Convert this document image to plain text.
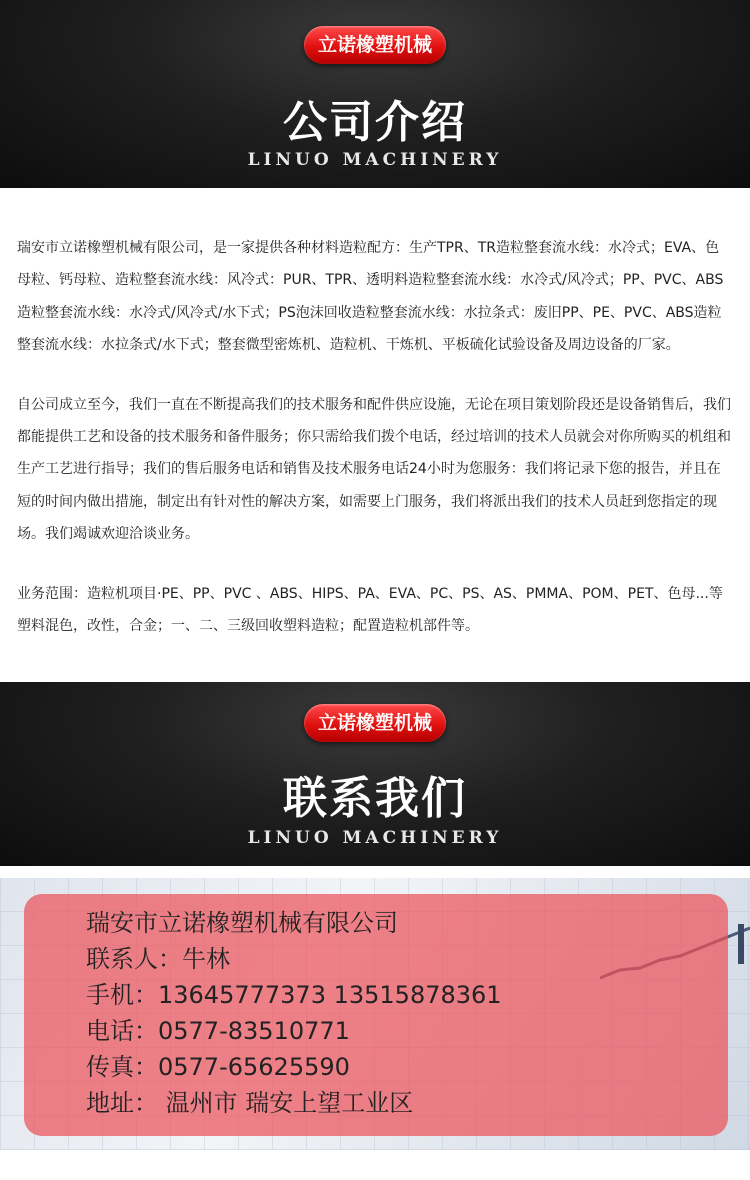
立诺橡塑机械
公司介绍
LINUO MACHINERY

瑞安市立诺橡塑机械有限公司，是一家提供各种材料造粒配方：生产TPR、TR造粒整套流水线：水冷式；EVA、色母粒、钙母粒、造粒整套流水线：风冷式：PUR、TPR、透明料造粒整套流水线：水冷式/风冷式；PP、PVC、ABS造粒整套流水线：水冷式/风冷式/水下式；PS泡沫回收造粒整套流水线：水拉条式：废旧PP、PE、PVC、ABS造粒整套流水线：水拉条式/水下式；整套微型密炼机、造粒机、干炼机、平板硫化试验设备及周边设备的厂家。

自公司成立至今，我们一直在不断提高我们的技术服务和配件供应设施，无论在项目策划阶段还是设备销售后，我们都能提供工艺和设备的技术服务和备件服务；你只需给我们拨个电话，经过培训的技术人员就会对你所购买的机组和生产工艺进行指导；我们的售后服务电话和销售及技术服务电话24小时为您服务：我们将记录下您的报告，并且在短的时间内做出措施，制定出有针对性的解决方案，如需要上门服务，我们将派出我们的技术人员赶到您指定的现场。我们竭诚欢迎洽谈业务。

业务范围：造粒机项目·PE、PP、PVC 、ABS、HIPS、PA、EVA、PC、PS、AS、PMMA、POM、PET、色母...等塑料混色，改性，合金；一、二、三级回收塑料造粒；配置造粒机部件等。

立诺橡塑机械
联系我们
LINUO MACHINERY
瑞安市立诺橡塑机械有限公司
联系人：牛林
手机：13645777373 13515878361
电话：0577-83510771
传真：0577-65625590
地址： 温州市 瑞安上望工业区
